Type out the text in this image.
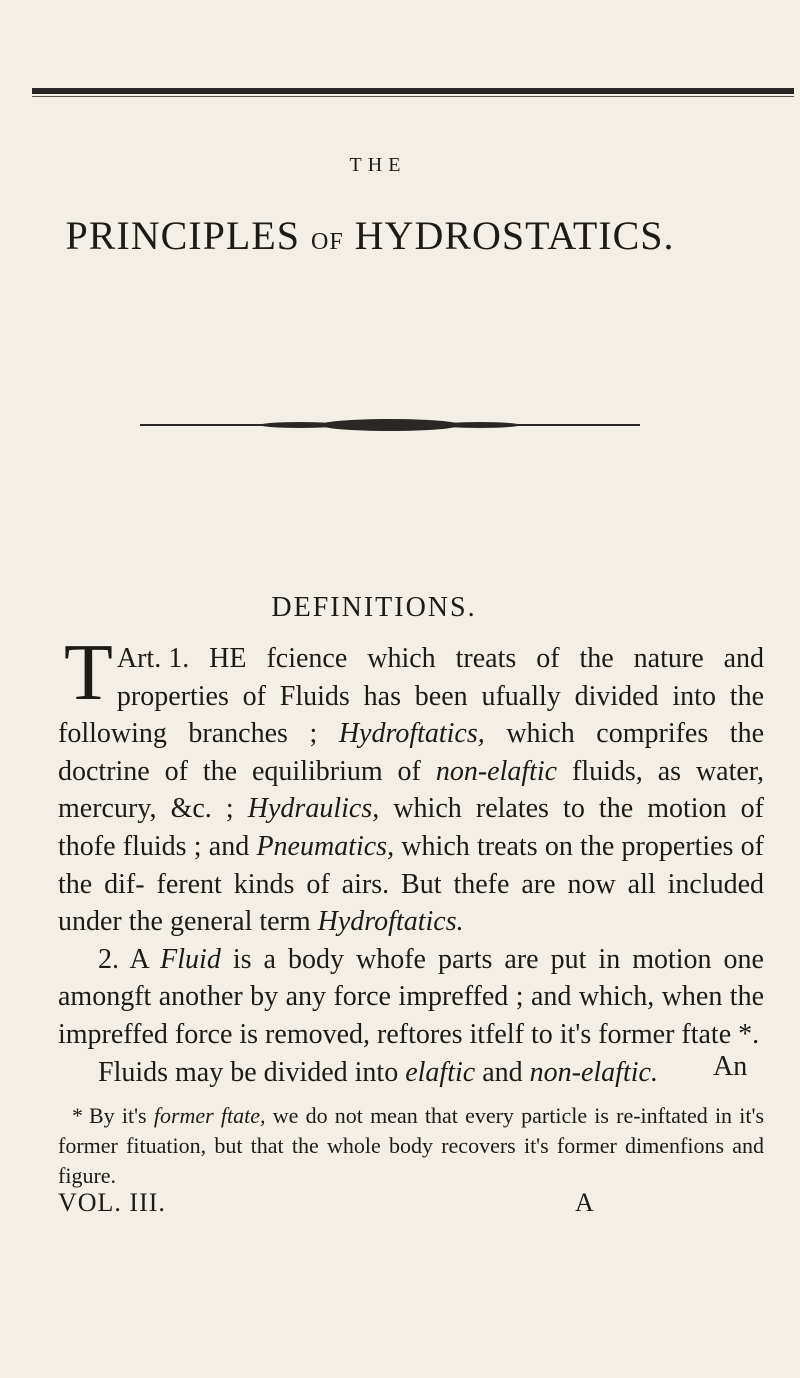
THE
PRINCIPLES OF HYDROSTATICS.
DEFINITIONS.

Art. 1.
T	HE fcience which treats of the nature and properties of Fluids has been ufually divided into the following branches ; Hydroftatics, which comprifes the doctrine of the equilibrium of non-elaftic fluids, as water, mercury, &c. ; Hydraulics, which relates to the motion of thofe fluids ; and Pneumatics, which treats on the properties of the dif- ferent kinds of airs. But thefe are now all included under the general term Hydroftatics.

2. A Fluid is a body whofe parts are put in motion one amongft another by any force impreffed ; and which, when the impreffed force is removed, reftores itfelf to it's former ftate *.

Fluids may be divided into elaftic and non-elaftic.	An

* By it's former ftate, we do not mean that every particle is re-inftated in it's former fituation, but that the whole body recovers it's former dimenfions and figure.

VOL. III.	A
